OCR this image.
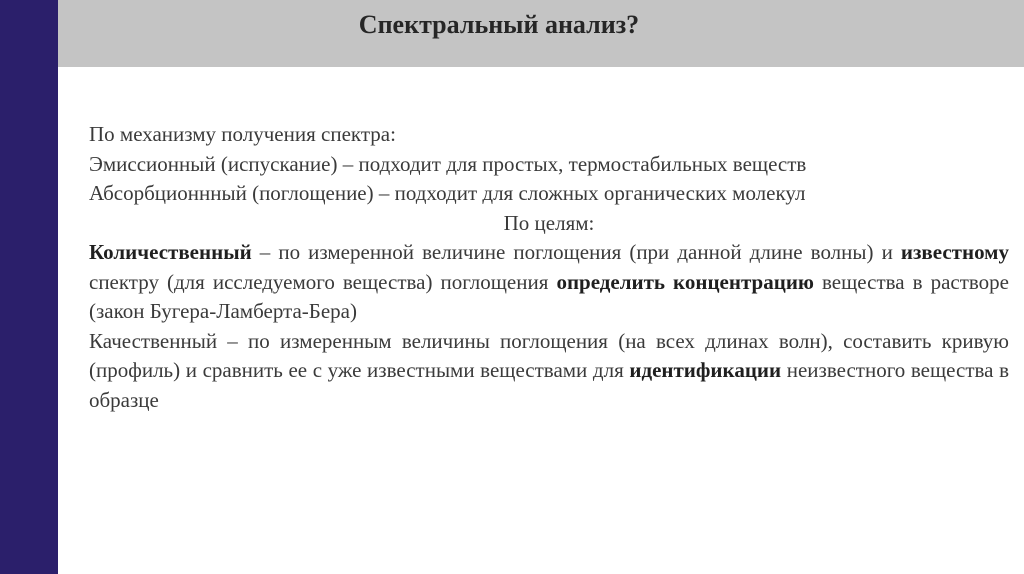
Спектральный анализ?
По механизму получения спектра:
Эмиссионный (испускание) – подходит для простых, термостабильных веществ
Абсорбционнный (поглощение) – подходит для сложных органических молекул
По целям:
Количественный – по измеренной величине поглощения (при данной длине волны) и известному спектру (для исследуемого вещества) поглощения определить концентрацию вещества в растворе (закон Бугера-Ламберта-Бера)
Качественный – по измеренным величины поглощения (на всех длинах волн), составить кривую (профиль) и сравнить ее с уже известными веществами для идентификации неизвестного вещества в образце
